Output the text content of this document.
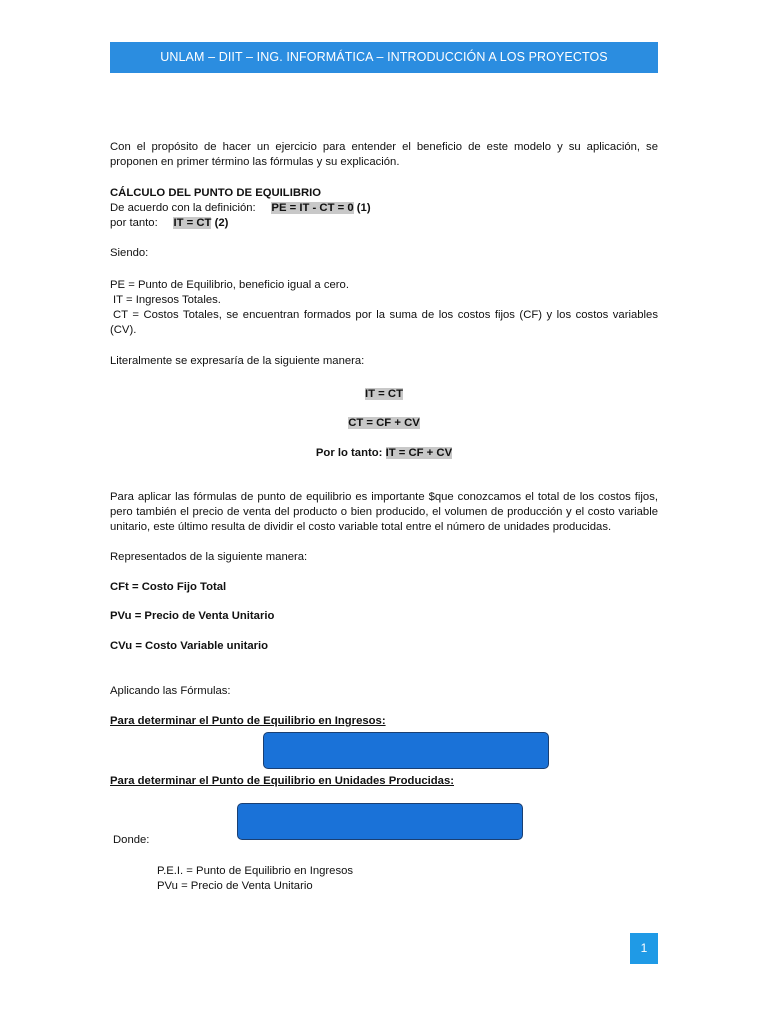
UNLAM – DIIT – ING. INFORMÁTICA – INTRODUCCIÓN A LOS PROYECTOS INFORMÁTICOS
Con el propósito de hacer un ejercicio para entender el beneficio de este modelo y su aplicación, se proponen en primer término las fórmulas y su explicación.
CÁLCULO DEL PUNTO DE EQUILIBRIO
De acuerdo con la definición: PE = IT - CT = 0 (1)
por tanto: IT = CT (2)
Siendo:
PE = Punto de Equilibrio, beneficio igual a cero.
IT = Ingresos Totales.
CT = Costos Totales, se encuentran formados por la suma de los costos fijos (CF) y los costos variables (CV).
Literalmente se expresaría de la siguiente manera:
IT = CT
CT = CF + CV
Por lo tanto: IT = CF + CV
Para aplicar las fórmulas de punto de equilibrio es importante $que conozcamos el total de los costos fijos, pero también el precio de venta del producto o bien producido, el volumen de producción y el costo variable unitario, este último resulta de dividir el costo variable total entre el número de unidades producidas.
Representados de la siguiente manera:
CFt = Costo Fijo Total
PVu = Precio de Venta Unitario
CVu = Costo Variable unitario
Aplicando las Fórmulas:
Para determinar el Punto de Equilibrio en Ingresos:
Para determinar el Punto de Equilibrio en Unidades Producidas:
Donde:
P.E.I. = Punto de Equilibrio en Ingresos
PVu = Precio de Venta Unitario
1
